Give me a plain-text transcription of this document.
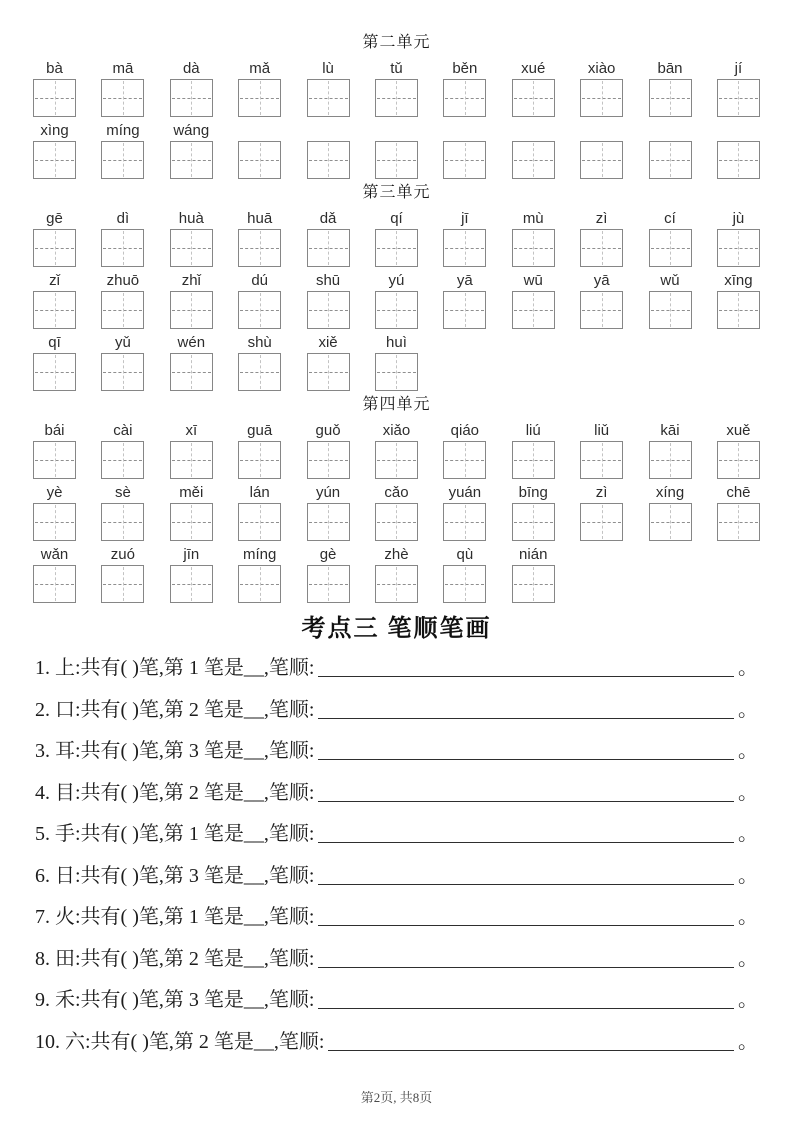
第二单元
bà	mā	dà	mǎ	lù	tǔ	běn	xué	xiào	bān	jí
xìng	míng	wáng
第三单元
gē	dì	huà	huā	dǎ	qí	jī	mù	zì	cí	jù
zǐ	zhuō	zhǐ	dú	shū	yú	yā	wū	yā	wǔ	xīng
qī	yǔ	wén	shù	xiě	huì
第四单元
bái	cài	xī	guā	guǒ	xiǎo	qiáo	liú	liǔ	kāi	xuě
yè	sè	měi	lán	yún	cǎo	yuán	bīng	zì	xíng	chē
wǎn	zuó	jīn	míng	gè	zhè	qù	nián
考点三 笔顺笔画
1. 上:共有( )笔,第 1 笔是__,笔顺:	。
2. 口:共有( )笔,第 2 笔是__,笔顺:	。
3. 耳:共有( )笔,第 3 笔是__,笔顺:	。
4. 目:共有( )笔,第 2 笔是__,笔顺:	。
5. 手:共有( )笔,第 1 笔是__,笔顺:	。
6. 日:共有( )笔,第 3 笔是__,笔顺:	。
7. 火:共有( )笔,第 1 笔是__,笔顺:	。
8. 田:共有( )笔,第 2 笔是__,笔顺:	。
9. 禾:共有( )笔,第 3 笔是__,笔顺:	。
10. 六:共有( )笔,第 2 笔是__,笔顺:	。
第2页, 共8页
